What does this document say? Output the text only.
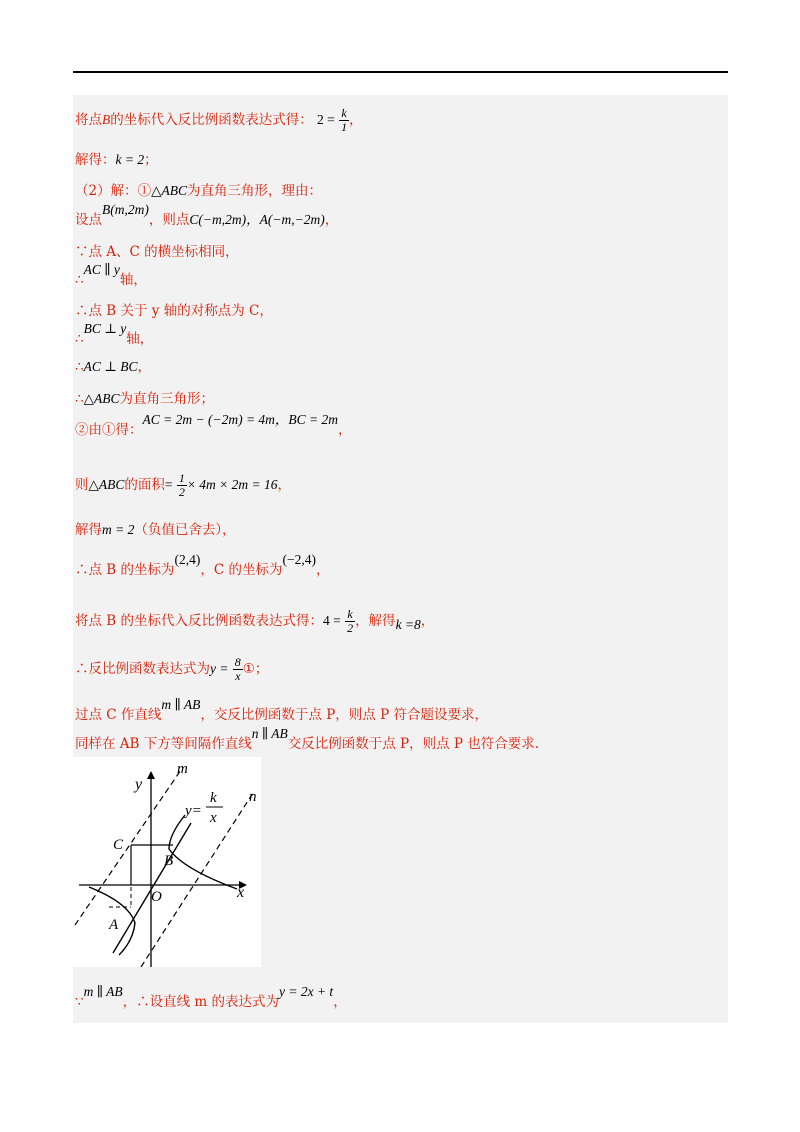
将点B的坐标代入反比例函数表达式得： $2 = \frac{k}{1}$ ，
解得：k = 2；
（2）解：①△ABC为直角三角形，理由：
设点B(m,2m)，则点C(−m,2m)，A(−m,−2m)，
∵点 A、C 的横坐标相同，
∴AC ∥ y轴，
∴点 B 关于 y 轴的对称点为 C，
∴BC ⊥ y轴，
∴AC ⊥ BC，
∴△ABC为直角三角形；
②由①得：AC = 2m − (−2m) = 4m，BC = 2m，
则△ABC的面积= $\frac{1}{2} \times 4m \times 2m = 16$，
解得m = 2（负值已舍去），
∴点 B 的坐标为(2,4)，C 的坐标为(−2,4)，
将点 B 的坐标代入反比例函数表达式得：$4 = \frac{k}{2}$ ，解得k =8，
∴反比例函数表达式为$y = \frac{8}{x}$ ①；
过点 C 作直线m ∥ AB，交反比例函数于点 P，则点 P 符合题设要求，
同样在 AB 下方等间隔作直线n ∥ AB交反比例函数于点 P，则点 P 也符合要求.
y
x
O
A
B
C
m
n
y=
k
x
∵m ∥ AB，∴设直线 m 的表达式为y = 2x + t，
